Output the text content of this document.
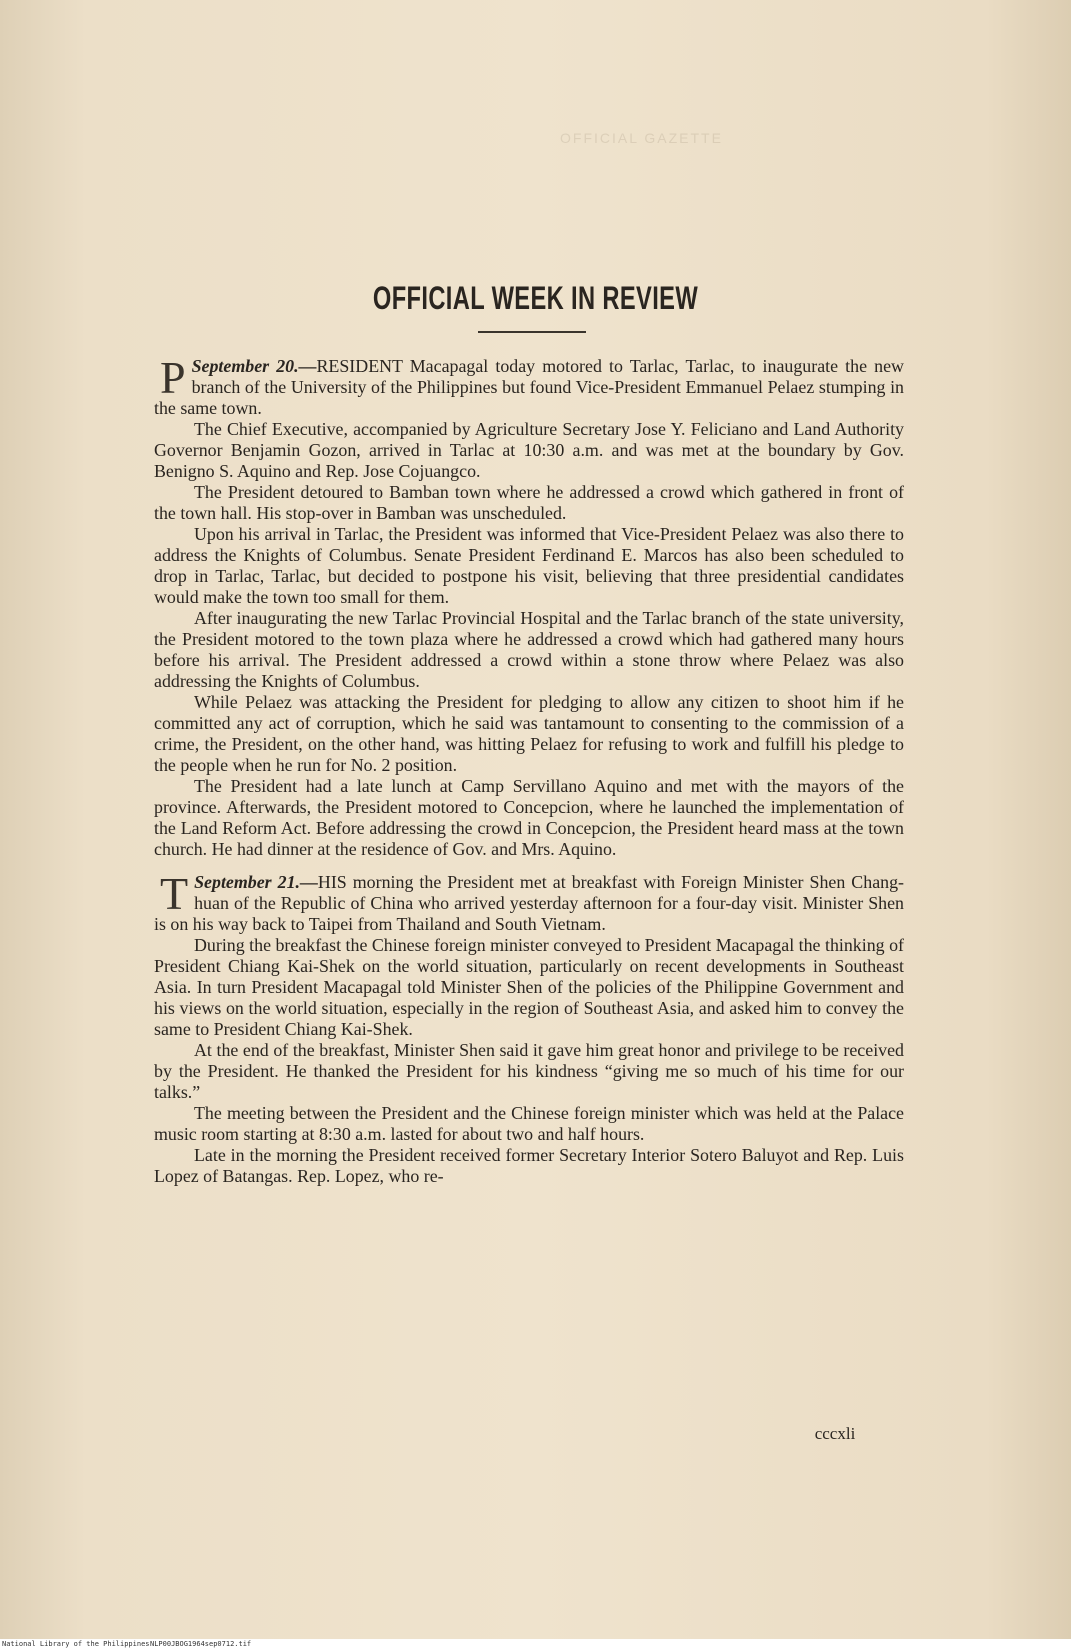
OFFICIAL GAZETTE
OFFICIAL WEEK IN REVIEW

September 20.—
P	RESIDENT Macapagal today motored to Tarlac, Tarlac, to inaugurate the new branch of the University of the Philippines but found Vice-President Emmanuel Pelaez stumping in the same town.

The Chief Executive, accompanied by Agriculture Secretary Jose Y. Feliciano and Land Authority Governor Benjamin Gozon, arrived in Tarlac at 10:30 a.m. and was met at the boundary by Gov. Benigno S. Aquino and Rep. Jose Cojuangco.

The President detoured to Bamban town where he addressed a crowd which gathered in front of the town hall. His stop-over in Bamban was unscheduled.

Upon his arrival in Tarlac, the President was informed that Vice-President Pelaez was also there to address the Knights of Columbus. Senate President Ferdinand E. Marcos has also been scheduled to drop in Tarlac, Tarlac, but decided to postpone his visit, believing that three presidential candidates would make the town too small for them.

After inaugurating the new Tarlac Provincial Hospital and the Tarlac branch of the state university, the President motored to the town plaza where he addressed a crowd which had gathered many hours before his arrival. The President addressed a crowd within a stone throw where Pelaez was also addressing the Knights of Columbus.

While Pelaez was attacking the President for pledging to allow any citizen to shoot him if he committed any act of corruption, which he said was tantamount to consenting to the commission of a crime, the President, on the other hand, was hitting Pelaez for refusing to work and fulfill his pledge to the people when he run for No. 2 position.

The President had a late lunch at Camp Servillano Aquino and met with the mayors of the province. Afterwards, the President motored to Concepcion, where he launched the implementation of the Land Reform Act. Before addressing the crowd in Concepcion, the President heard mass at the town church. He had dinner at the residence of Gov. and Mrs. Aquino.

September 21.—
T	HIS morning the President met at breakfast with Foreign Minister Shen Chang-huan of the Republic of China who arrived yesterday afternoon for a four-day visit. Minister Shen is on his way back to Taipei from Thailand and South Vietnam.

During the breakfast the Chinese foreign minister conveyed to President Macapagal the thinking of President Chiang Kai-Shek on the world situation, particularly on recent developments in Southeast Asia. In turn President Macapagal told Minister Shen of the policies of the Philippine Government and his views on the world situation, especially in the region of Southeast Asia, and asked him to convey the same to President Chiang Kai-Shek.

At the end of the breakfast, Minister Shen said it gave him great honor and privilege to be received by the President. He thanked the President for his kindness “giving me so much of his time for our talks.”

The meeting between the President and the Chinese foreign minister which was held at the Palace music room starting at 8:30 a.m. lasted for about two and half hours.

Late in the morning the President received former Secretary Interior Sotero Baluyot and Rep. Luis Lopez of Batangas. Rep. Lopez, who re-

cccxli
National Library of the Philippines NLP00JBOG1964sep0712.tif
